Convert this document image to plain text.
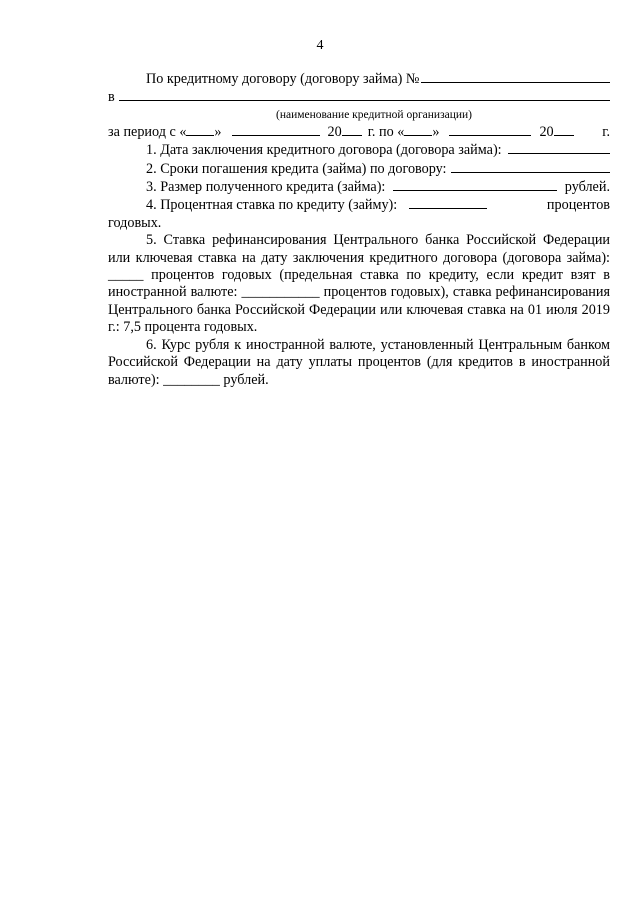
4
По кредитному договору (договору займа) №
в
(наименование кредитной организации)
за период с « »	20 г. по « »	20	г.
1. Дата заключения кредитного договора (договора займа):
2. Сроки погашения кредита (займа) по договору:
3. Размер полученного кредита (займа):	рублей.
4. Процентная ставка по кредиту (займу):	процентов
годовых.

5. Ставка рефинансирования Центрального банка Российской Федерации или ключевая ставка на дату заключения кредитного договора (договора займа): _____ процентов годовых (предельная ставка по кредиту, если кредит взят в иностранной валюте: ___________ процентов годовых), ставка рефинансирования Центрального банка Российской Федерации или ключевая ставка на 01 июля 2019 г.: 7,5 процента годовых.

6. Курс рубля к иностранной валюте, установленный Центральным банком Российской Федерации на дату уплаты процентов (для кредитов в иностранной валюте): ________ рублей.
